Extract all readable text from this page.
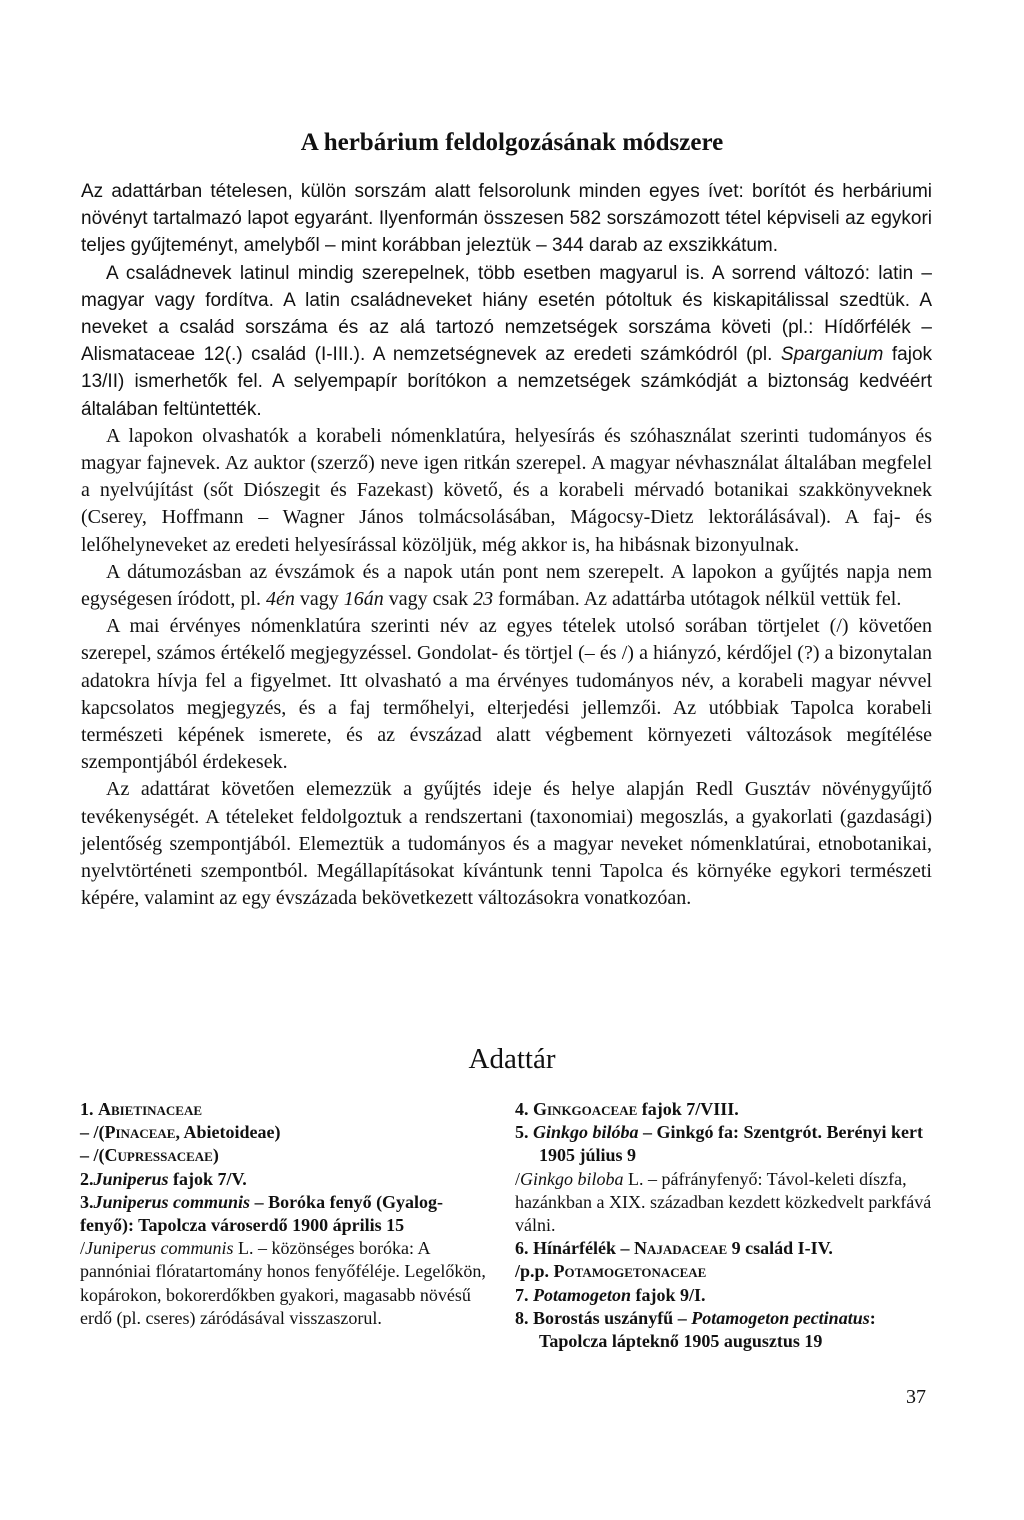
A herbárium feldolgozásának módszere

Az adattárban tételesen, külön sorszám alatt felsorolunk minden egyes ívet: borítót és herbáriumi növényt tartalmazó lapot egyaránt. Ilyenformán összesen 582 sorszámozott tétel képviseli az egykori teljes gyűjteményt, amelyből – mint korábban jeleztük – 344 darab az exszikkátum.

A családnevek latinul mindig szerepelnek, több esetben magyarul is. A sorrend változó: latin – magyar vagy fordítva. A latin családneveket hiány esetén pótoltuk és kiskapitálissal szedtük. A neveket a család sorszáma és az alá tartozó nemzetségek sorszáma követi (pl.: Hídőrfélék – Alismataceae 12(.) család (I-III.). A nemzetségnevek az eredeti számkódról (pl. Sparganium fajok 13/II) ismerhetők fel. A selyempapír borítókon a nemzetségek számkódját a biztonság kedvéért általában feltüntették.

A lapokon olvashatók a korabeli nómenklatúra, helyesírás és szóhasználat szerinti tudományos és magyar fajnevek. Az auktor (szerző) neve igen ritkán szerepel. A magyar névhasználat általában megfelel a nyelvújítást (sőt Diószegit és Fazekast) követő, és a korabeli mérvadó botanikai szakkönyveknek (Cserey, Hoffmann – Wagner János tolmácsolásában, Mágocsy-Dietz lektorálásával). A faj- és lelőhelyneveket az eredeti helyesírással közöljük, még akkor is, ha hibásnak bizonyulnak.

A dátumozásban az évszámok és a napok után pont nem szerepelt. A lapokon a gyűjtés napja nem egységesen íródott, pl. 4én vagy 16án vagy csak 23 formában. Az adattárba utótagok nélkül vettük fel.

A mai érvényes nómenklatúra szerinti név az egyes tételek utolsó sorában törtjelet (/) követően szerepel, számos értékelő megjegyzéssel. Gondolat- és törtjel (– és /) a hiányzó, kérdőjel (?) a bizonytalan adatokra hívja fel a figyelmet. Itt olvasható a ma érvényes tudományos név, a korabeli magyar névvel kapcsolatos megjegyzés, és a faj termőhelyi, elterjedési jellemzői. Az utóbbiak Tapolca korabeli természeti képének ismerete, és az évszázad alatt végbement környezeti változások megítélése szempontjából érdekesek.

Az adattárat követően elemezzük a gyűjtés ideje és helye alapján Redl Gusztáv növénygyűjtő tevékenységét. A tételeket feldolgoztuk a rendszertani (taxonomiai) megoszlás, a gyakorlati (gazdasági) jelentőség szempontjából. Elemeztük a tudományos és a magyar neveket nómenklatúrai, etnobotanikai, nyelvtörténeti szempontból. Megállapításokat kívántunk tenni Tapolca és környéke egykori természeti képére, valamint az egy évszázada bekövetkezett változásokra vonatkozóan.

Adattár

1. Abietinaceae

– /(Pinaceae, Abietoideae)

– /(Cupressaceae)

2.Juniperus fajok 7/V.

3.Juniperus communis – Boróka fenyő (Gyalog-fenyő): Tapolcza városerdő 1900 április 15

/Juniperus communis L. – közönséges boróka: A pannóniai flóratartomány honos fenyőféléje. Legelőkön, kopárokon, bokorerdőkben gyakori, magasabb növésű erdő (pl. cseres) záródásával visszaszorul.

4. Ginkgoaceae fajok 7/VIII.

5. Ginkgo bilóba – Ginkgó fa: Szentgrót. Berényi kert 1905 július 9

/Ginkgo biloba L. – páfrányfenyő: Távol-keleti díszfa, hazánkban a XIX. században kezdett közkedvelt parkfává válni.

6. Hínárfélék – Najadaceae 9 család I-IV.

/p.p. Potamogetonaceae

7. Potamogeton fajok 9/I.

8. Borostás uszányfű – Potamogeton pectinatus: Tapolcza lápteknő 1905 augusztus 19

37
